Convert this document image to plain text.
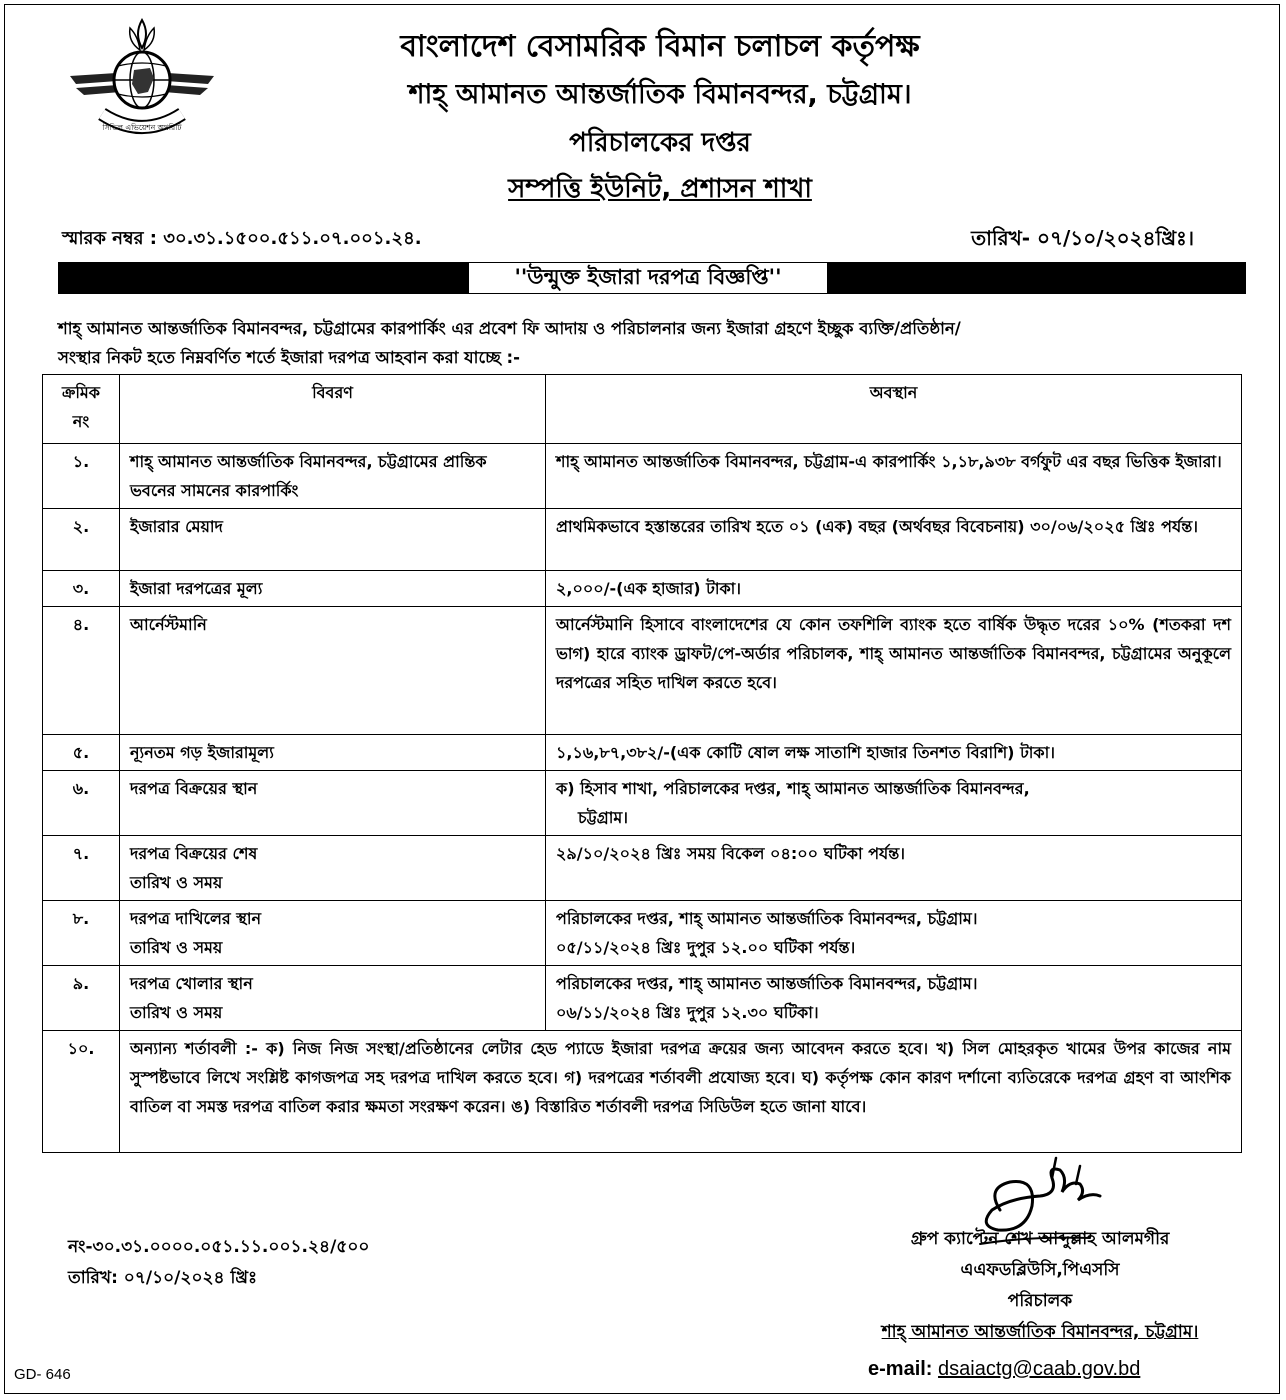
সিভিল এভিয়েশন অথরিটি
বাংলাদেশ বেসামরিক বিমান চলাচল কর্তৃপক্ষ
শাহ্ আমানত আন্তর্জাতিক বিমানবন্দর, চট্টগ্রাম।
পরিচালকের দপ্তর
সম্পত্তি ইউনিট, প্রশাসন শাখা
স্মারক নম্বর : ৩০.৩১.১৫০০.৫১১.০৭.০০১.২৪.	তারিখ- ০৭/১০/২০২৪খ্রিঃ।
''উন্মুক্ত ইজারা দরপত্র বিজ্ঞপ্তি''

শাহ্ আমানত আন্তর্জাতিক বিমানবন্দর, চট্টগ্রামের কারপার্কিং এর প্রবেশ ফি আদায় ও পরিচালনার জন্য ইজারা গ্রহণে ইচ্ছুক ব্যক্তি/প্রতিষ্ঠান/

সংস্থার নিকট হতে নিম্নবর্ণিত শর্তে ইজারা দরপত্র আহবান করা যাচ্ছে :-

ক্রমিক
নং	বিবরণ	অবস্থান
১.	শাহ্ আমানত আন্তর্জাতিক বিমানবন্দর, চট্টগ্রামের প্রান্তিক ভবনের সামনের কারপার্কিং	শাহ্ আমানত আন্তর্জাতিক বিমানবন্দর, চট্টগ্রাম-এ কারপার্কিং ১,১৮,৯৩৮ বর্গফুট এর বছর ভিত্তিক ইজারা।
২.	ইজারার মেয়াদ	প্রাথমিকভাবে হস্তান্তরের তারিখ হতে ০১ (এক) বছর (অর্থবছর বিবেচনায়) ৩০/০৬/২০২৫ খ্রিঃ পর্যন্ত।
৩.	ইজারা দরপত্রের মূল্য	২,০০০/-(এক হাজার) টাকা।
৪.	আর্নেস্টমানি	আর্নেস্টমানি হিসাবে বাংলাদেশের যে কোন তফশিলি ব্যাংক হতে বার্ষিক উদ্ধৃত দরের ১০% (শতকরা দশ ভাগ) হারে ব্যাংক ড্রাফট/পে-অর্ডার পরিচালক, শাহ্ আমানত আন্তর্জাতিক বিমানবন্দর, চট্টগ্রামের অনুকূলে দরপত্রের সহিত দাখিল করতে হবে।
৫.	ন্যূনতম গড় ইজারামূল্য	১,১৬,৮৭,৩৮২/-(এক কোটি ষোল লক্ষ সাতাশি হাজার তিনশত বিরাশি) টাকা।
৬.	দরপত্র বিক্রয়ের স্থান	ক) হিসাব শাখা, পরিচালকের দপ্তর, শাহ্ আমানত আন্তর্জাতিক বিমানবন্দর,
চট্টগ্রাম।

৭.	দরপত্র বিক্রয়ের শেষ
তারিখ ও সময়	২৯/১০/২০২৪ খ্রিঃ সময় বিকেল ০৪:০০ ঘটিকা পর্যন্ত।
৮.	দরপত্র দাখিলের স্থান
তারিখ ও সময়	পরিচালকের দপ্তর, শাহ্ আমানত আন্তর্জাতিক বিমানবন্দর, চট্টগ্রাম।
০৫/১১/২০২৪ খ্রিঃ দুপুর ১২.০০ ঘটিকা পর্যন্ত।
৯.	দরপত্র খোলার স্থান
তারিখ ও সময়	পরিচালকের দপ্তর, শাহ্ আমানত আন্তর্জাতিক বিমানবন্দর, চট্টগ্রাম।
০৬/১১/২০২৪ খ্রিঃ দুপুর ১২.৩০ ঘটিকা।
১০.	অন্যান্য শর্তাবলী :- ক) নিজ নিজ সংস্থা/প্রতিষ্ঠানের লেটার হেড প্যাডে ইজারা দরপত্র ক্রয়ের জন্য আবেদন করতে হবে। খ) সিল মোহরকৃত খামের উপর কাজের নাম সুস্পষ্টভাবে লিখে সংশ্লিষ্ট কাগজপত্র সহ দরপত্র দাখিল করতে হবে। গ) দরপত্রের শর্তাবলী প্রযোজ্য হবে। ঘ) কর্তৃপক্ষ কোন কারণ দর্শানো ব্যতিরেকে দরপত্র গ্রহণ বা আংশিক বাতিল বা সমস্ত দরপত্র বাতিল করার ক্ষমতা সংরক্ষণ করেন। ঙ) বিস্তারিত শর্তাবলী দরপত্র সিডিউল হতে জানা যাবে।	
গ্রুপ ক্যাপ্টেন শেখ আব্দুল্লাহ আলমগীর
এএফডব্লিউসি,পিএসসি
পরিচালক
শাহ্ আমানত আন্তর্জাতিক বিমানবন্দর, চট্টগ্রাম।
e-mail: dsaiactg@caab.gov.bd
নং-৩০.৩১.০০০০.০৫১.১১.০০১.২৪/৫০০
তারিখ: ০৭/১০/২০২৪ খ্রিঃ
GD- 646
